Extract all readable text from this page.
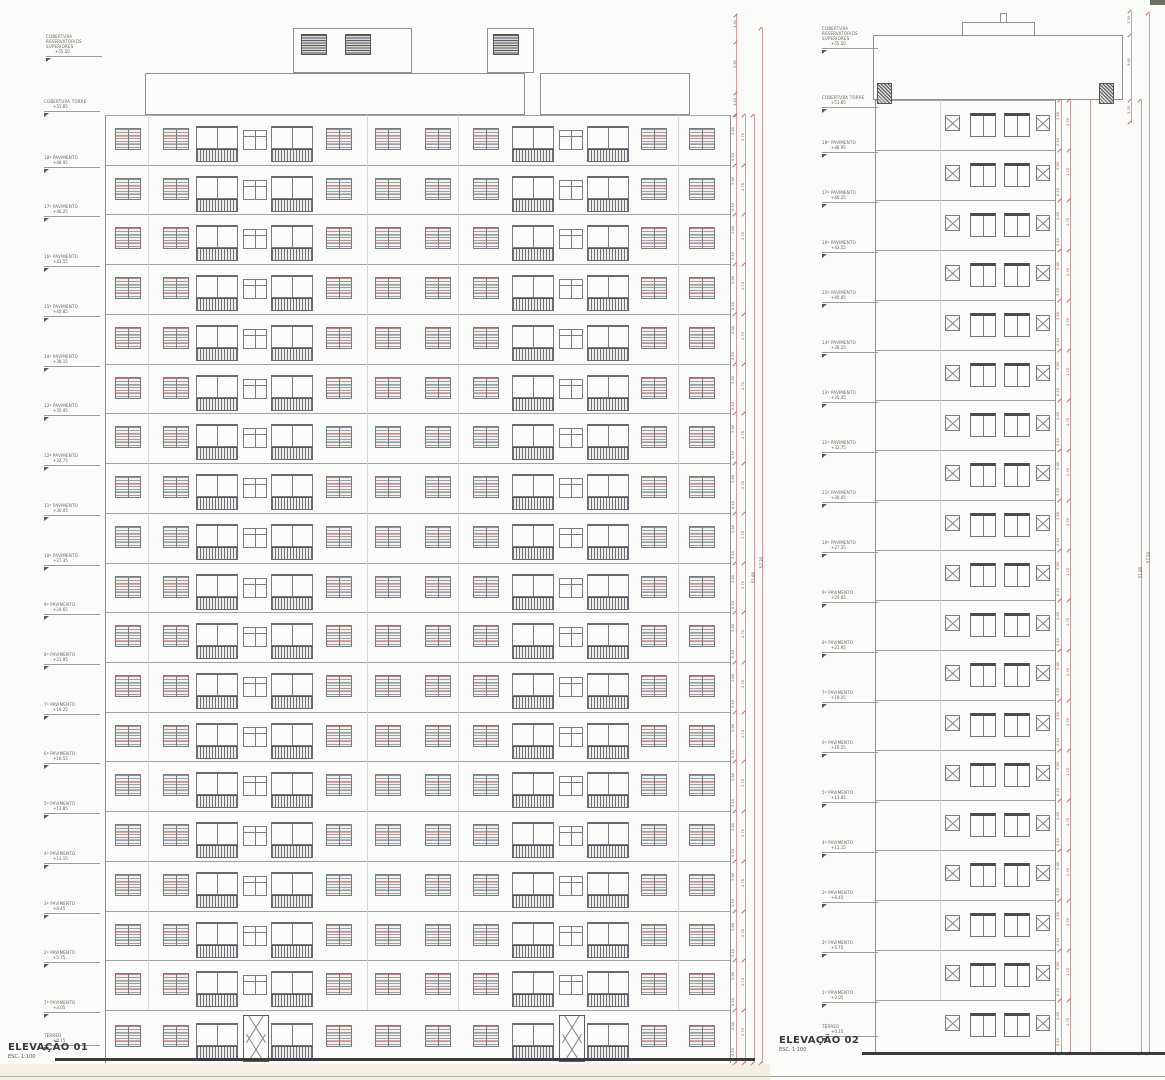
COBERTURA RESERVATÓRIOS SUPERIORES
+55.50
COBERTURA TORRE
+51.85
18º PAVIMENTO
+48.95
17º PAVIMENTO
+46.25
16º PAVIMENTO
+43.55
15º PAVIMENTO
+40.85
14º PAVIMENTO
+38.15
13º PAVIMENTO
+35.45
12º PAVIMENTO
+32.75
11º PAVIMENTO
+30.05
10º PAVIMENTO
+27.35
9º PAVIMENTO
+24.65
8º PAVIMENTO
+21.95
7º PAVIMENTO
+19.25
6º PAVIMENTO
+16.55
5º PAVIMENTO
+13.85
4º PAVIMENTO
+11.15
3º PAVIMENTO
+8.45
2º PAVIMENTO
+5.75
1º PAVIMENTO
+3.05
TÉRREO
+0.15
2.60
0.10
2.70
2.60
0.10
2.70
2.60
0.10
2.70
2.60
0.10
2.70
2.60
0.10
2.70
2.60
0.10
2.70
2.60
0.10
2.70
2.60
0.10
2.70
2.60
0.10
2.70
2.60
0.10
2.70
2.60
0.10
2.70
2.60
0.10
2.70
2.60
0.10
2.70
2.60
0.10
2.70
2.60
0.10
2.70
2.60
0.10
2.70
2.60
0.10
2.70
2.60
0.10
2.70
2.60
0.10
2.70
1.30
2.95
1.20
51.80
57.20
COBERTURA RESERVATÓRIOS SUPERIORES
+55.50
COBERTURA TORRE
+51.85
18º PAVIMENTO
+48.95
17º PAVIMENTO
+46.25
16º PAVIMENTO
+43.55
15º PAVIMENTO
+40.85
14º PAVIMENTO
+38.15
13º PAVIMENTO
+35.45
12º PAVIMENTO
+32.75
11º PAVIMENTO
+30.05
10º PAVIMENTO
+27.35
9º PAVIMENTO
+24.65
8º PAVIMENTO
+21.95
7º PAVIMENTO
+19.25
6º PAVIMENTO
+16.55
5º PAVIMENTO
+13.85
4º PAVIMENTO
+11.15
3º PAVIMENTO
+8.45
2º PAVIMENTO
+5.75
1º PAVIMENTO
+3.05
TÉRREO
+0.15
2.60
0.10
2.70
2.60
0.10
2.70
2.60
0.10
2.70
2.60
0.10
2.70
2.60
0.10
2.70
2.60
0.10
2.70
2.60
0.10
2.70
2.60
0.10
2.70
2.60
0.10
2.70
2.60
0.10
2.70
2.60
0.10
2.70
2.60
0.10
2.70
2.60
0.10
2.70
2.60
0.10
2.70
2.60
0.10
2.70
2.60
0.10
2.70
2.60
0.10
2.70
2.60
0.10
2.70
2.60
0.10
2.70
1.30
3.65
1.20
51.80
57.20
ELEVAÇÃO 01
ESC. 1:100
ELEVAÇÃO 02
ESC. 1:100
